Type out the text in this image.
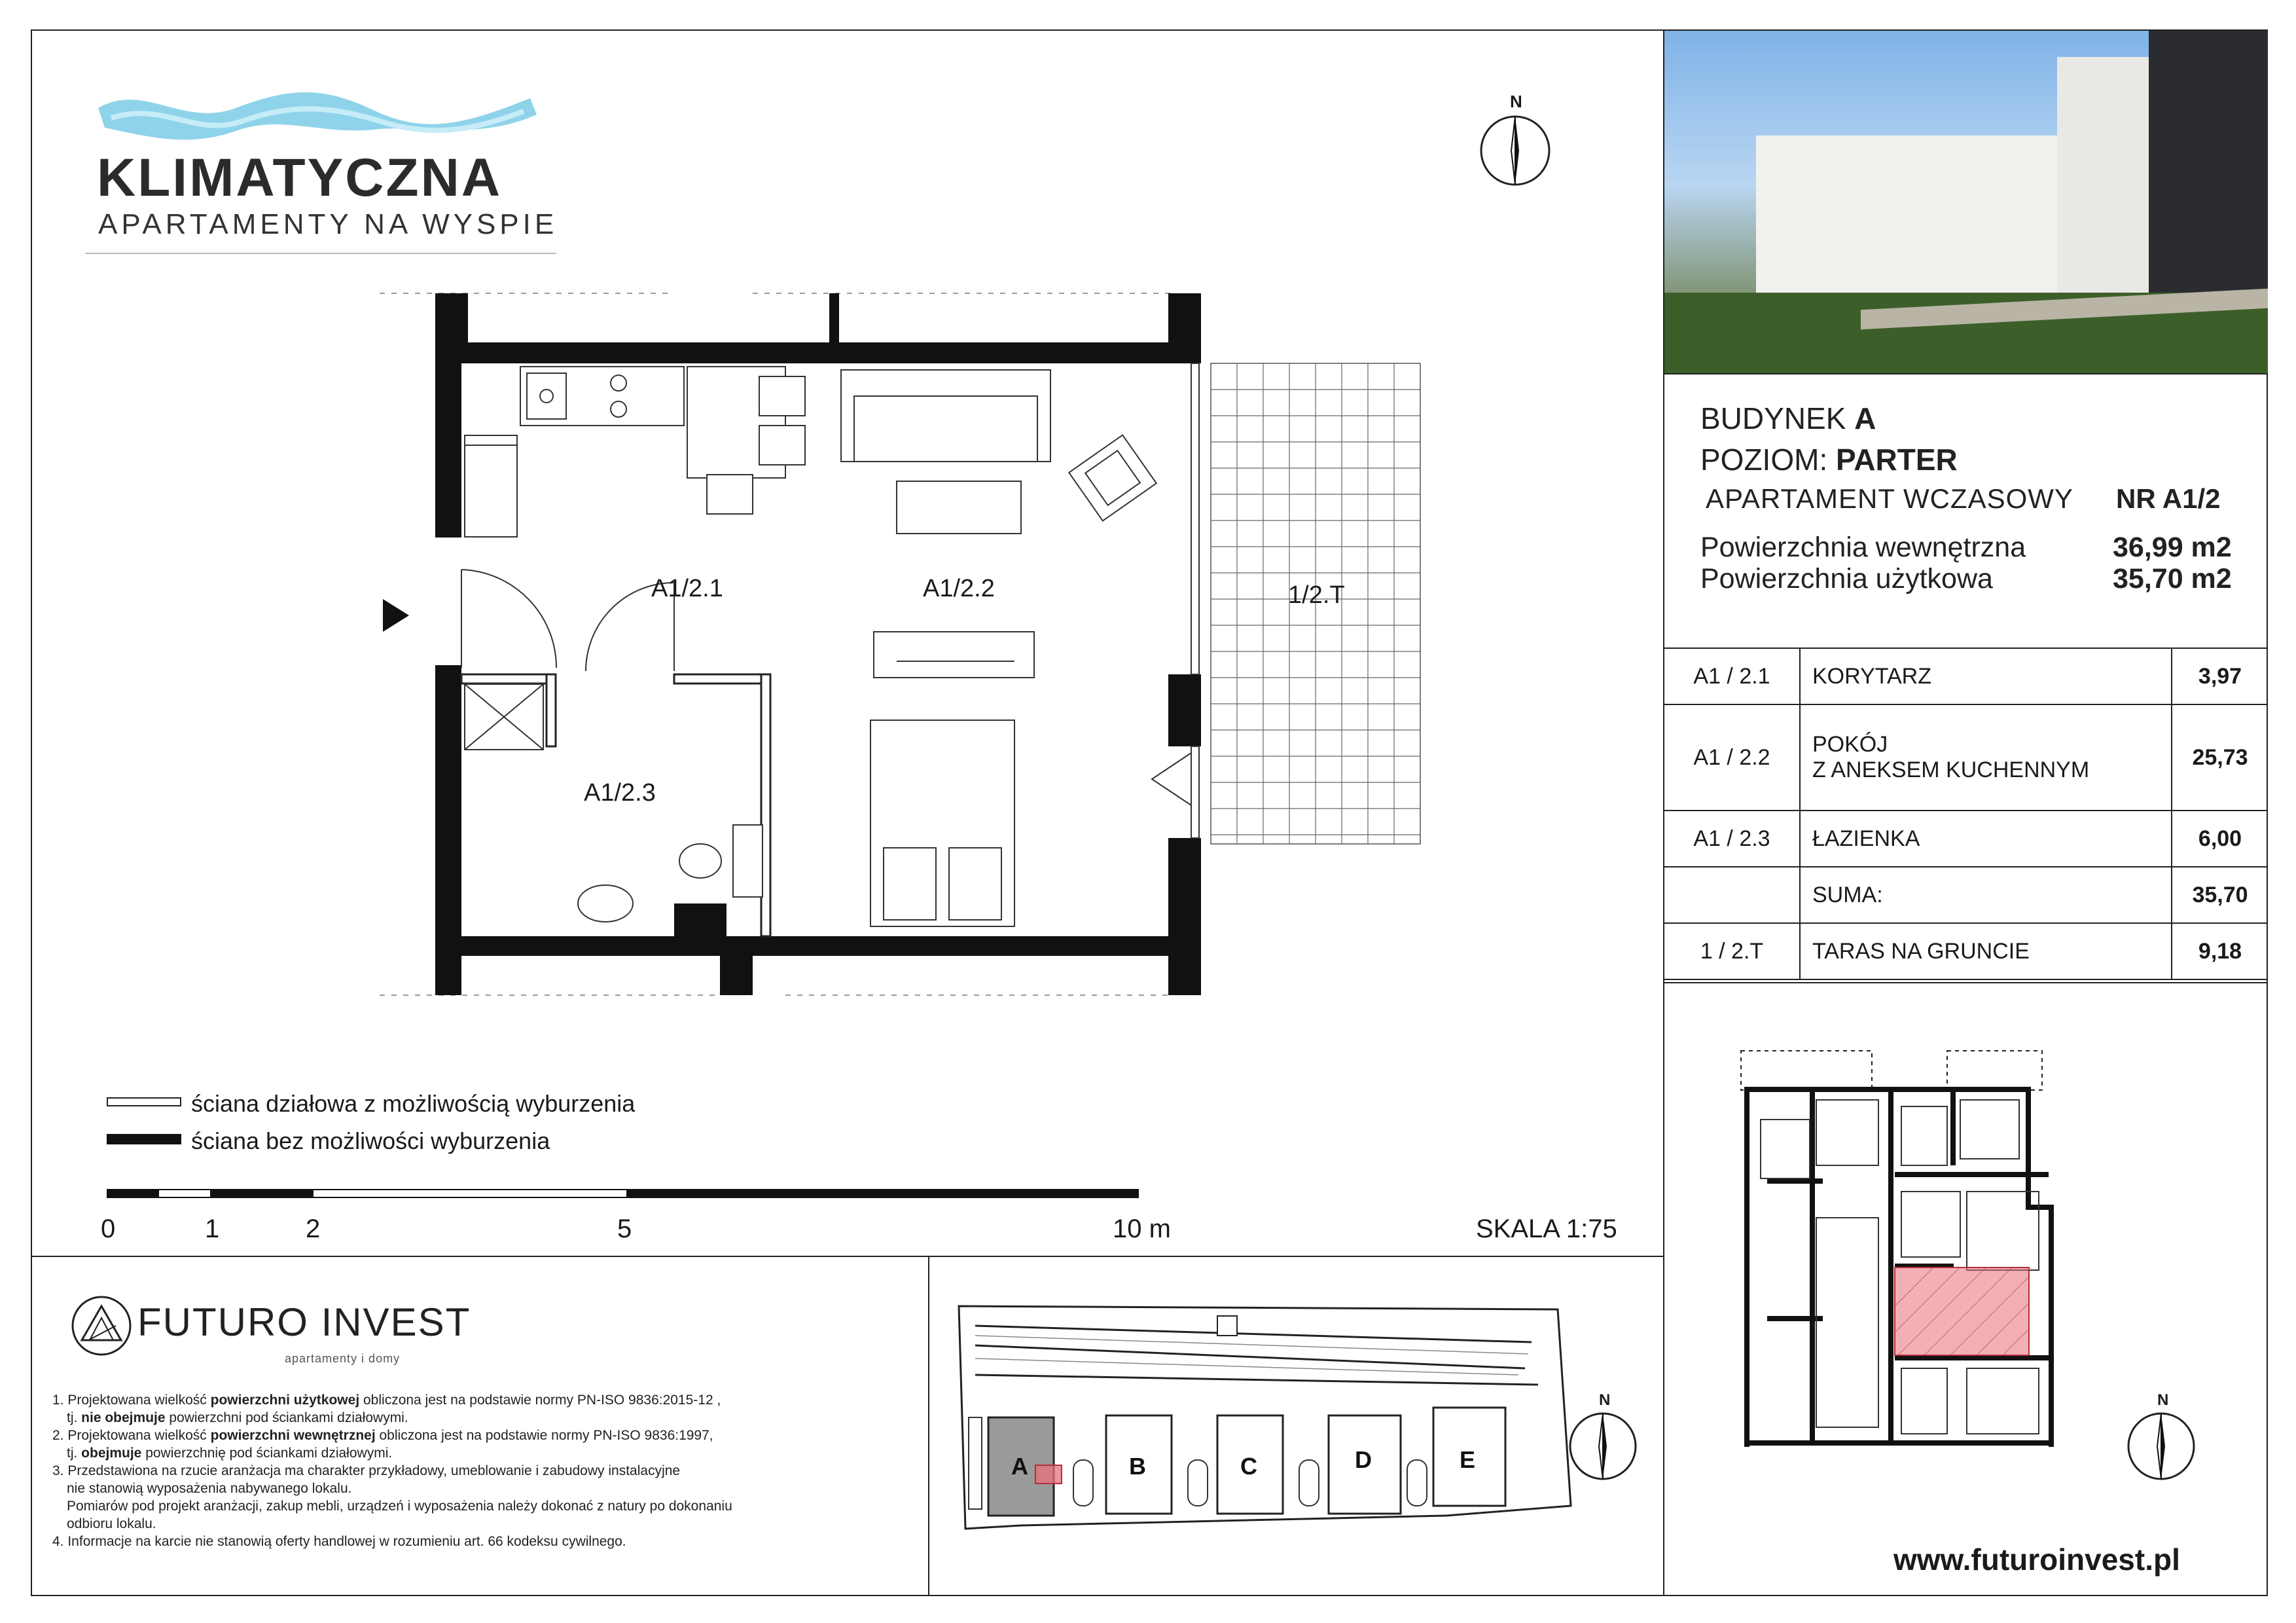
KLIMATYCZNA
APARTAMENTY NA WYSPIE
N
A1/2.1	A1/2.2
A1/2.3
1/2.T
ściana działowa z możliwością wyburzenia
ściana bez możliwości wyburzenia
0	1	2	5	10 m	SKALA 1:75
BUDYNEK A
POZIOM: PARTER
APARTAMENT WCZASOWY NR A1/2
Powierzchnia wewnętrzna	36,99 m2
Powierzchnia użytkowa	35,70 m2
A1 / 2.1	KORYTARZ	3,97
A1 / 2.2	POKÓJ
Z ANEKSEM KUCHENNYM	25,73
A1 / 2.3	ŁAZIENKA	6,00
	SUMA:	35,70
1 / 2.T	TARAS NA GRUNCIE	9,18
N
www.futuroinvest.pl
FUTURO INVEST
apartamenty i domy
1. Projektowana wielkość powierzchni użytkowej obliczona jest na podstawie normy PN-ISO 9836:2015-12 ,
tj. nie obejmuje powierzchni pod ściankami działowymi.
2. Projektowana wielkość powierzchni wewnętrznej obliczona jest na podstawie normy PN-ISO 9836:1997,
tj. obejmuje powierzchnię pod ściankami działowymi.
3. Przedstawiona na rzucie aranżacja ma charakter przykładowy, umeblowanie i zabudowy instalacyjne
nie stanowią wyposażenia nabywanego lokalu.
Pomiarów pod projekt aranżacji, zakup mebli, urządzeń i wyposażenia należy dokonać z natury po dokonaniu
odbioru lokalu.
4. Informacje na karcie nie stanowią oferty handlowej w rozumieniu art. 66 kodeksu cywilnego.
A	B	C	D	E
N
